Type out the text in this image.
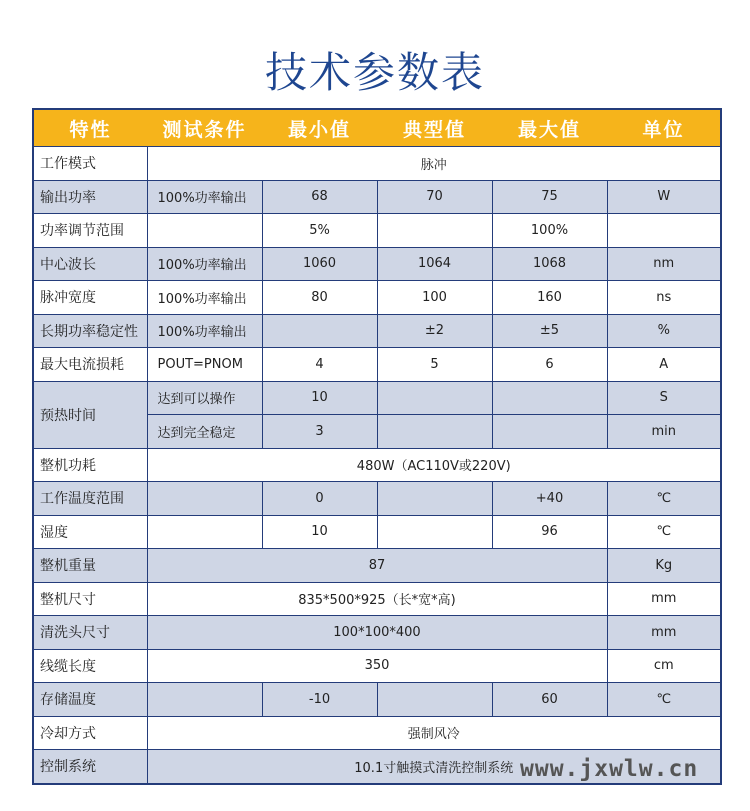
技术参数表
特性	测试条件	最小值	典型值	最大值	单位
工作模式	脉冲				
输出功率	100%功率输出	68	70	75	W
功率调节范围		5%		100%	
中心波长	100%功率输出	1060	1064	1068	nm
脉冲宽度	100%功率输出	80	100	160	ns
长期功率稳定性	100%功率输出		±2	±5	%
最大电流损耗	POUT=PNOM	4	5	6	A
预热时间	达到可以操作	10			S
	达到完全稳定	3			min
整机功耗	480W（AC110V或220V)				
工作温度范围		0		+40	℃
湿度		10		96	℃
整机重量	87				Kg
整机尺寸	835*500*925（长*宽*高)				mm
清洗头尺寸	100*100*400				mm
线缆长度	350				cm
存储温度		-10		60	℃
冷却方式	强制风冷				
控制系统	10.1寸触摸式清洗控制系统				www.jxwlw.cn
